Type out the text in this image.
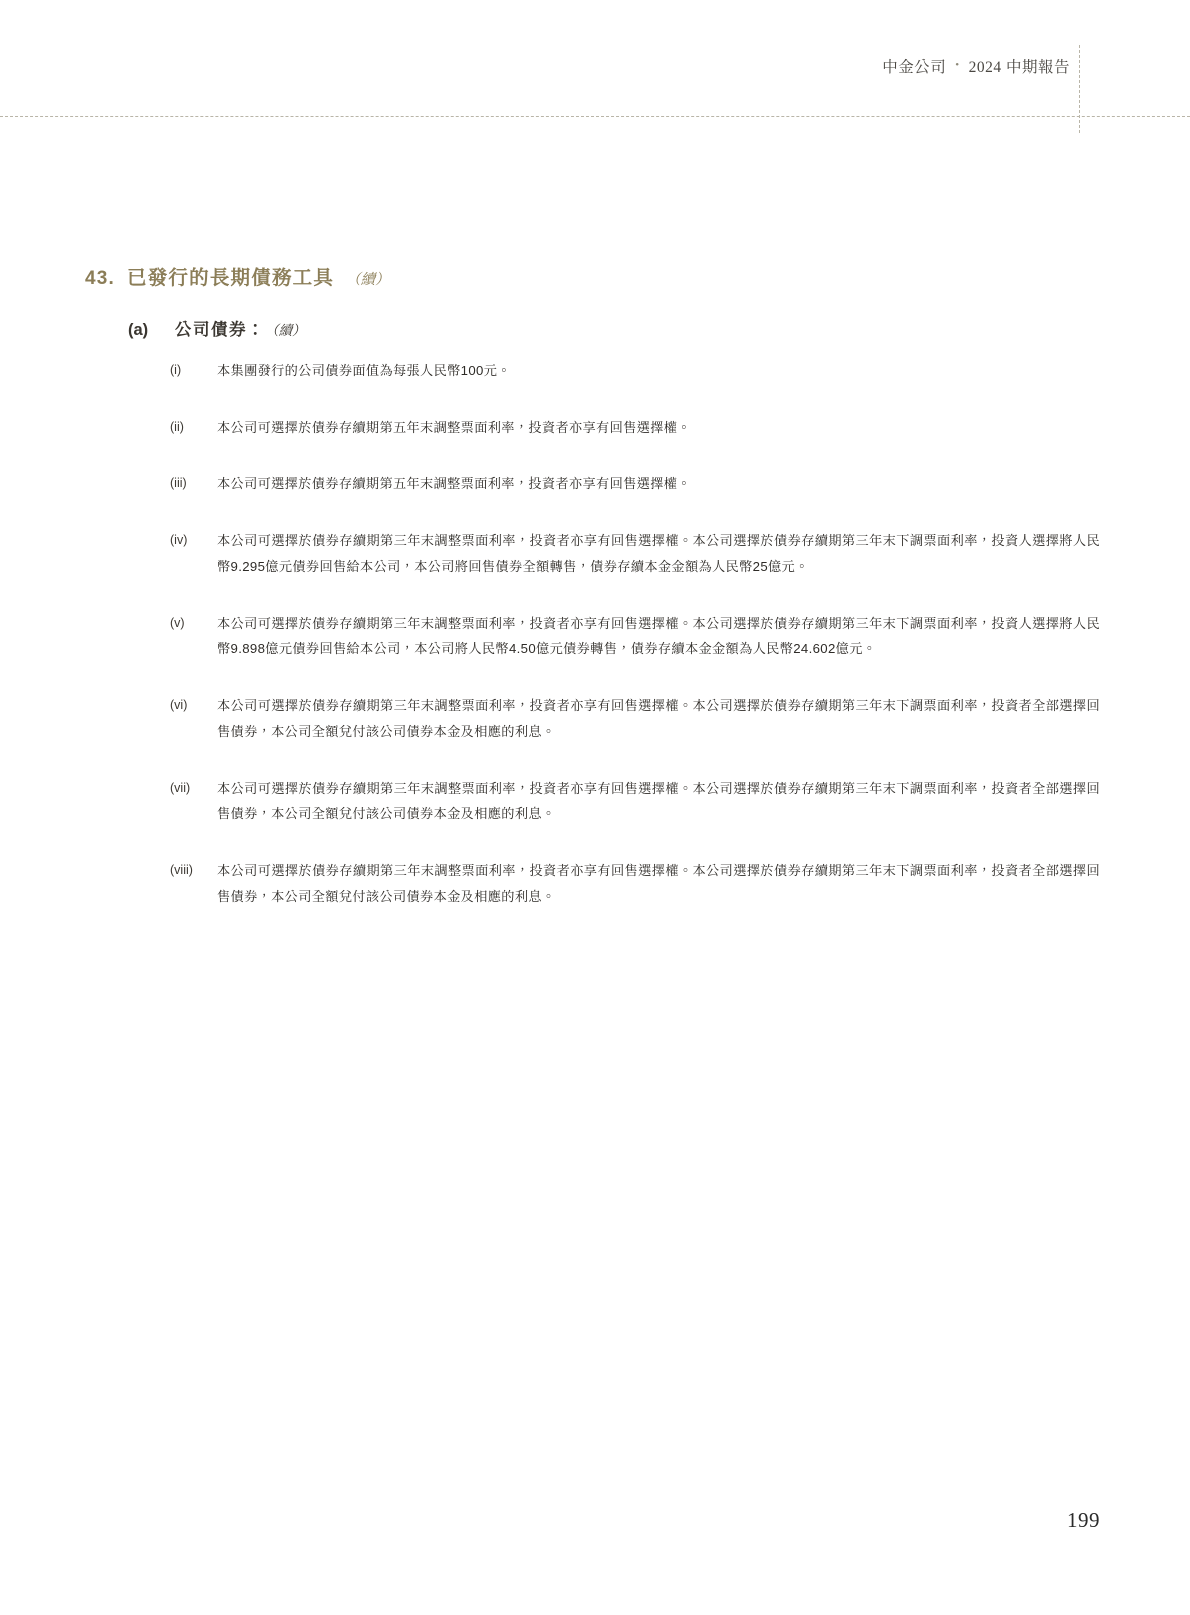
中金公司 • 2024 中期報告
43. 已發行的長期債務工具 （續）
(a)	公司債券： （續）
(i)	本集團發行的公司債券面值為每張人民幣100元。
(ii)	本公司可選擇於債券存續期第五年末調整票面利率，投資者亦享有回售選擇權。
(iii)	本公司可選擇於債券存續期第五年末調整票面利率，投資者亦享有回售選擇權。
(iv)	本公司可選擇於債券存續期第三年末調整票面利率，投資者亦享有回售選擇權。本公司選擇於債券存續期第三年末下調票面利率，投資人選擇將人民幣9.295億元債券回售給本公司，本公司將回售債券全額轉售，債券存續本金金額為人民幣25億元。
(v)	本公司可選擇於債券存續期第三年末調整票面利率，投資者亦享有回售選擇權。本公司選擇於債券存續期第三年末下調票面利率，投資人選擇將人民幣9.898億元債券回售給本公司，本公司將人民幣4.50億元債券轉售，債券存續本金金額為人民幣24.602億元。
(vi)	本公司可選擇於債券存續期第三年末調整票面利率，投資者亦享有回售選擇權。本公司選擇於債券存續期第三年末下調票面利率，投資者全部選擇回售債券，本公司全額兌付該公司債券本金及相應的利息。
(vii)	本公司可選擇於債券存續期第三年末調整票面利率，投資者亦享有回售選擇權。本公司選擇於債券存續期第三年末下調票面利率，投資者全部選擇回售債券，本公司全額兌付該公司債券本金及相應的利息。
(viii)	本公司可選擇於債券存續期第三年末調整票面利率，投資者亦享有回售選擇權。本公司選擇於債券存續期第三年末下調票面利率，投資者全部選擇回售債券，本公司全額兌付該公司債券本金及相應的利息。
199
